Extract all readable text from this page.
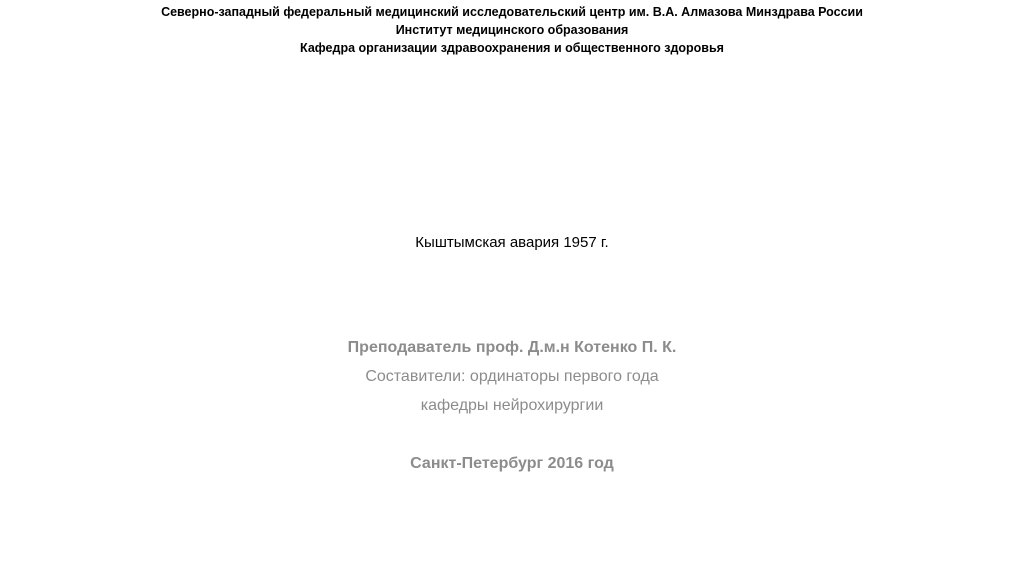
Северно-западный федеральный медицинский исследовательский центр им. В.А. Алмазова Минздрава России
Институт медицинского образования
Кафедра организации здравоохранения и общественного здоровья
Кыштымская авария 1957 г.
Преподаватель проф. Д.м.н Котенко П. К.
Составители: ординаторы первого года
кафедры нейрохирургии
Санкт-Петербург 2016 год
